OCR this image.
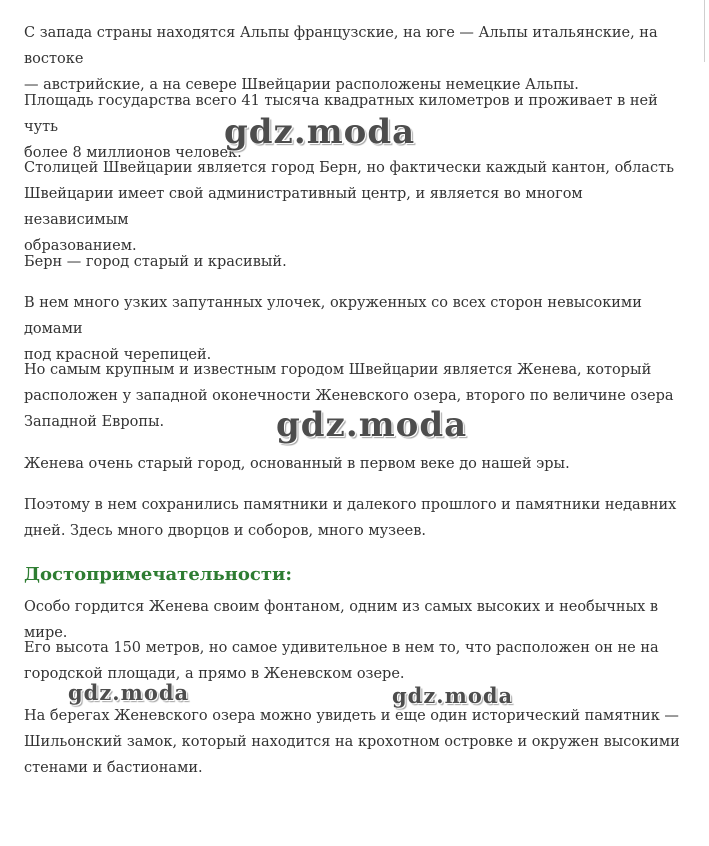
С запада страны находятся Альпы французские, на юге — Альпы итальянские, на востоке
— австрийские, а на севере Швейцарии расположены немецкие Альпы.

Площадь государства всего 41 тысяча квадратных километров и проживает в ней чуть
более 8 миллионов человек.

Столицей Швейцарии является город Берн, но фактически каждый кантон, область
Швейцарии имеет свой административный центр, и является во многом независимым
образованием.

Берн — город старый и красивый.

В нем много узких запутанных улочек, окруженных со всех сторон невысокими домами
под красной черепицей.

Но самым крупным и известным городом Швейцарии является Женева, который
расположен у западной оконечности Женевского озера, второго по величине озера
Западной Европы.

Женева очень старый город, основанный в первом веке до нашей эры.

Поэтому в нем сохранились памятники и далекого прошлого и памятники недавних
дней. Здесь много дворцов и соборов, много музеев.

Достопримечательности:

Особо гордится Женева своим фонтаном, одним из самых высоких и необычных в мире.

Его высота 150 метров, но самое удивительное в нем то, что расположен он не на
городской площади, а прямо в Женевском озере.

На берегах Женевского озера можно увидеть и еще один исторический памятник —
Шильонский замок, который находится на крохотном островке и окружен высокими
стенами и бастионами.

gdz.moda
gdz.moda
gdz.moda	gdz.moda
